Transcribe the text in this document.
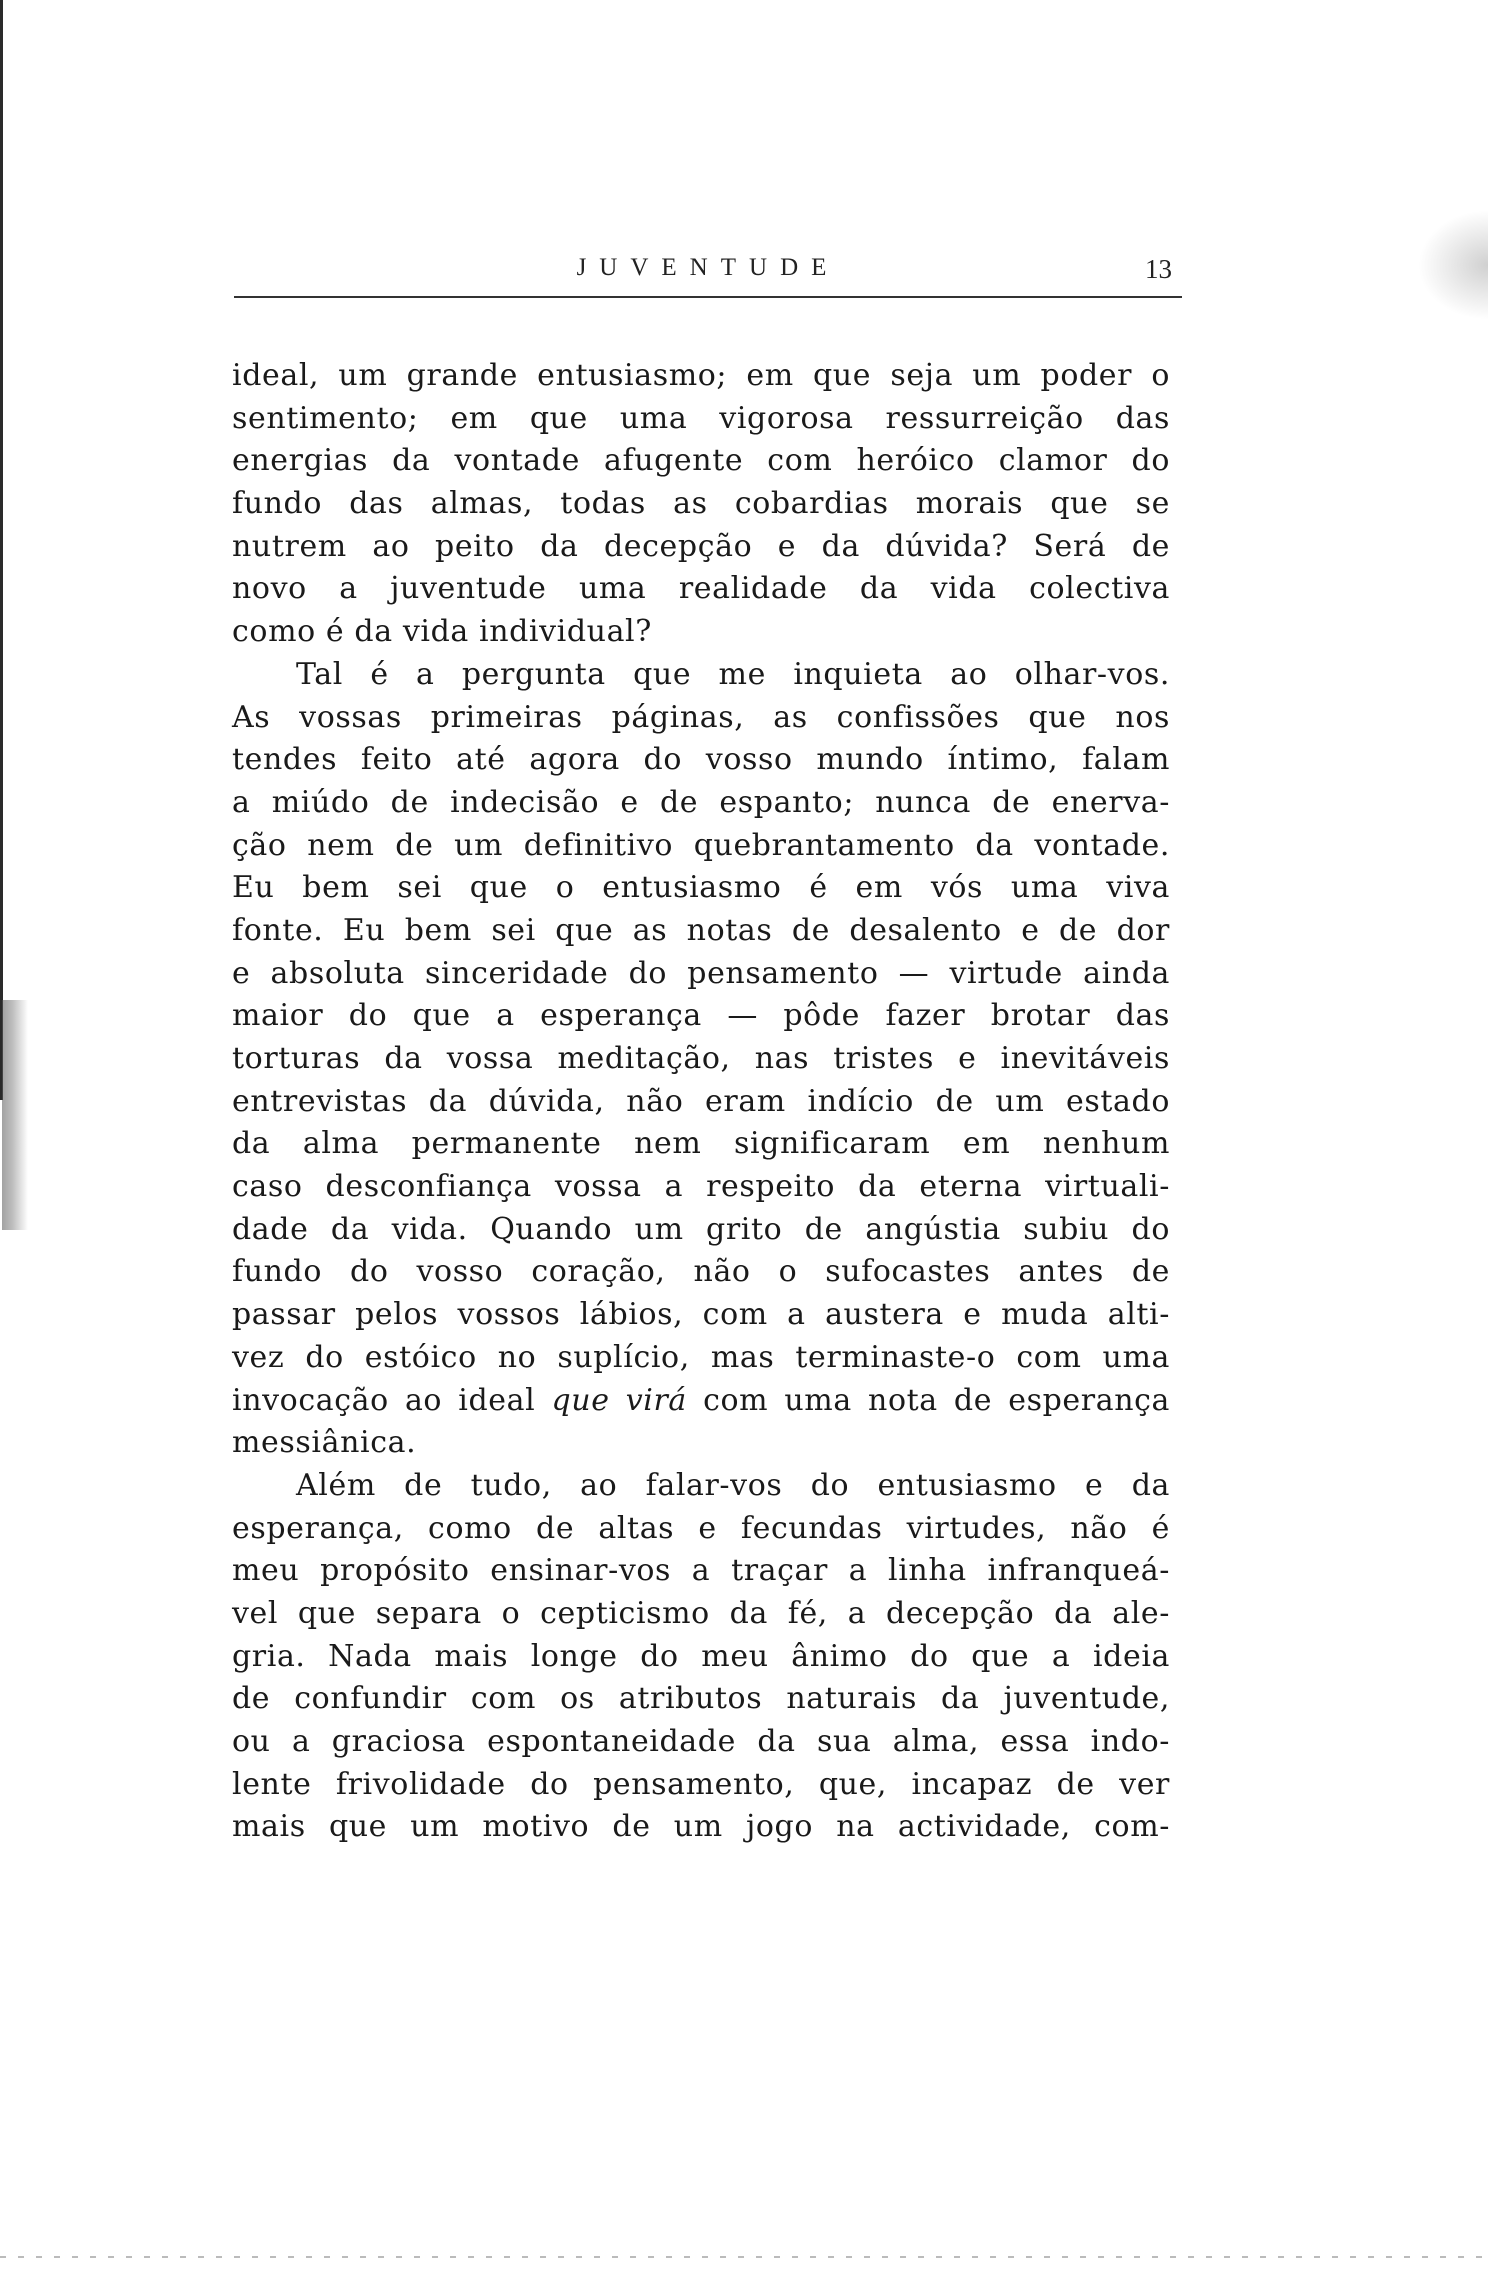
JUVENTUDE	13
ideal, um grande entusiasmo; em que seja um poder o
sentimento; em que uma vigorosa ressurreição das
energias da vontade afugente com heróico clamor do
fundo das almas, todas as cobardias morais que se
nutrem ao peito da decepção e da dúvida? Será de
novo a juventude uma realidade da vida colectiva
como é da vida individual?
Tal é a pergunta que me inquieta ao olhar-vos.
As vossas primeiras páginas, as confissões que nos
tendes feito até agora do vosso mundo íntimo, falam
a miúdo de indecisão e de espanto; nunca de enerva-
ção nem de um definitivo quebrantamento da vontade.
Eu bem sei que o entusiasmo é em vós uma viva
fonte. Eu bem sei que as notas de desalento e de dor
e absoluta sinceridade do pensamento — virtude ainda
maior do que a esperança — pôde fazer brotar das
torturas da vossa meditação, nas tristes e inevitáveis
entrevistas da dúvida, não eram indício de um estado
da alma permanente nem significaram em nenhum
caso desconfiança vossa a respeito da eterna virtuali-
dade da vida. Quando um grito de angústia subiu do
fundo do vosso coração, não o sufocastes antes de
passar pelos vossos lábios, com a austera e muda alti-
vez do estóico no suplício, mas terminaste-o com uma
invocação ao ideal que virá com uma nota de esperança
messiânica.
Além de tudo, ao falar-vos do entusiasmo e da
esperança, como de altas e fecundas virtudes, não é
meu propósito ensinar-vos a traçar a linha infranqueá-
vel que separa o cepticismo da fé, a decepção da ale-
gria. Nada mais longe do meu ânimo do que a ideia
de confundir com os atributos naturais da juventude,
ou a graciosa espontaneidade da sua alma, essa indo-
lente frivolidade do pensamento, que, incapaz de ver
mais que um motivo de um jogo na actividade, com-
